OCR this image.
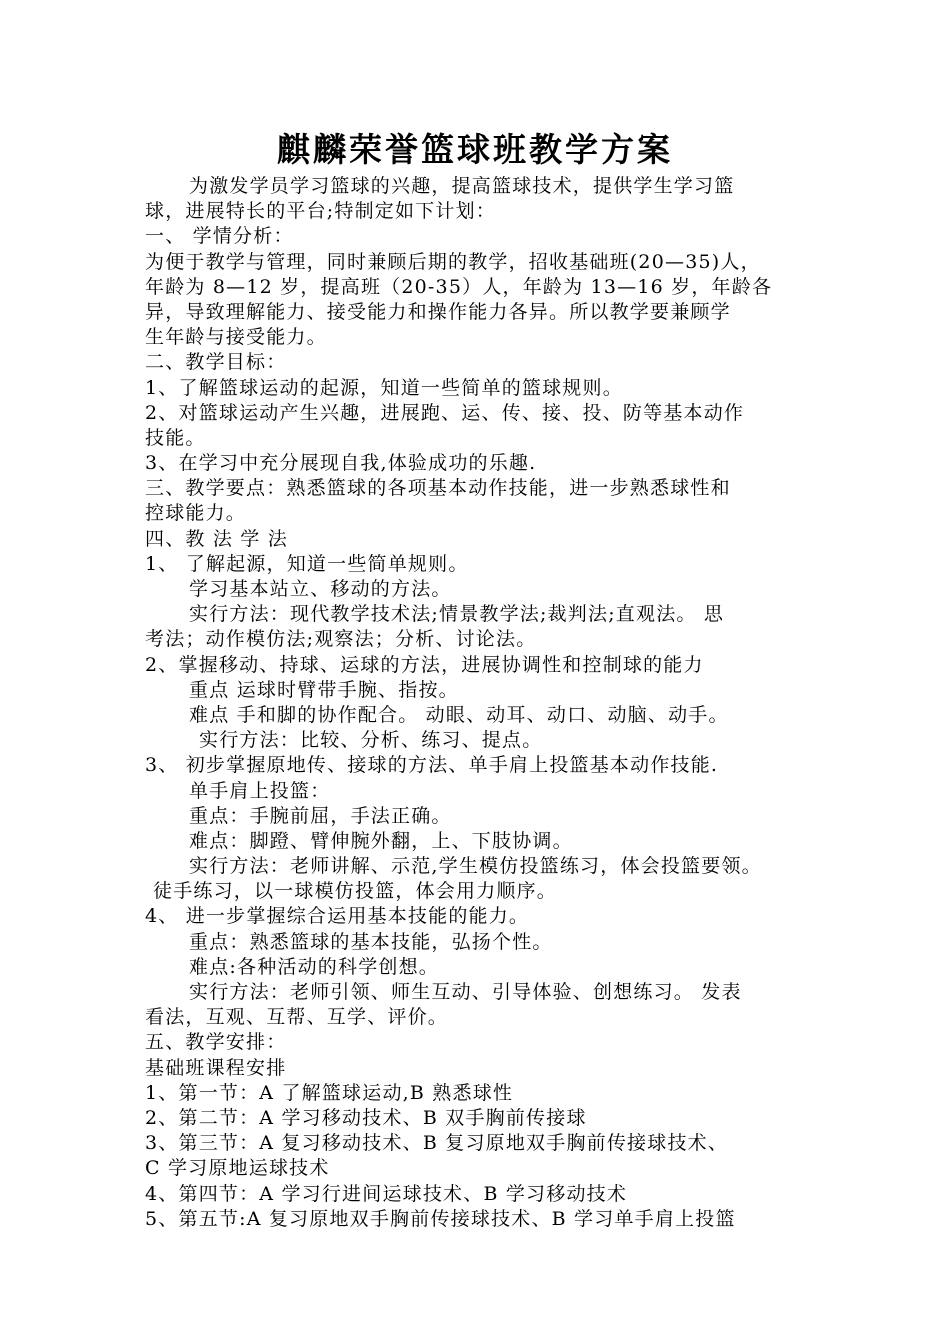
麒麟荣誉篮球班教学方案
为激发学员学习篮球的兴趣，提高篮球技术，提供学生学习篮
球，进展特长的平台;特制定如下计划：
一、 学情分析：
为便于教学与管理，同时兼顾后期的教学，招收基础班(20—35)人，
年龄为 8—12 岁，提高班（20-35）人，年龄为 13—16 岁，年龄各
异，导致理解能力、接受能力和操作能力各异。所以教学要兼顾学
生年龄与接受能力。
二、教学目标：
1、了解篮球运动的起源，知道一些简单的篮球规则。
2、对篮球运动产生兴趣，进展跑、运、传、接、投、防等基本动作
技能。
3、在学习中充分展现自我,体验成功的乐趣.
三、教学要点：熟悉篮球的各项基本动作技能，进一步熟悉球性和
控球能力。
四、教 法 学 法
1、 了解起源，知道一些简单规则。
学习基本站立、移动的方法。
实行方法：现代教学技术法;情景教学法;裁判法;直观法。 思
考法；动作模仿法;观察法；分析、讨论法。
2、掌握移动、持球、运球的方法，进展协调性和控制球的能力
重点 运球时臂带手腕、指按。
难点 手和脚的协作配合。 动眼、动耳、动口、动脑、动手。
实行方法：比较、分析、练习、提点。
3、 初步掌握原地传、接球的方法、单手肩上投篮基本动作技能.
单手肩上投篮：
重点：手腕前屈，手法正确。
难点：脚蹬、臂伸腕外翻，上、下肢协调。
实行方法：老师讲解、示范,学生模仿投篮练习，体会投篮要领。
徒手练习，以一球模仿投篮，体会用力顺序。
4、 进一步掌握综合运用基本技能的能力。
重点：熟悉篮球的基本技能，弘扬个性。
难点:各种活动的科学创想。
实行方法：老师引领、师生互动、引导体验、创想练习。 发表
看法，互观、互帮、互学、评价。
五、教学安排：
基础班课程安排
1、第一节：A 了解篮球运动,B 熟悉球性
2、第二节：A 学习移动技术、B 双手胸前传接球
3、第三节：A 复习移动技术、B 复习原地双手胸前传接球技术、
C 学习原地运球技术
4、第四节：A 学习行进间运球技术、B 学习移动技术
5、第五节:A 复习原地双手胸前传接球技术、B 学习单手肩上投篮
